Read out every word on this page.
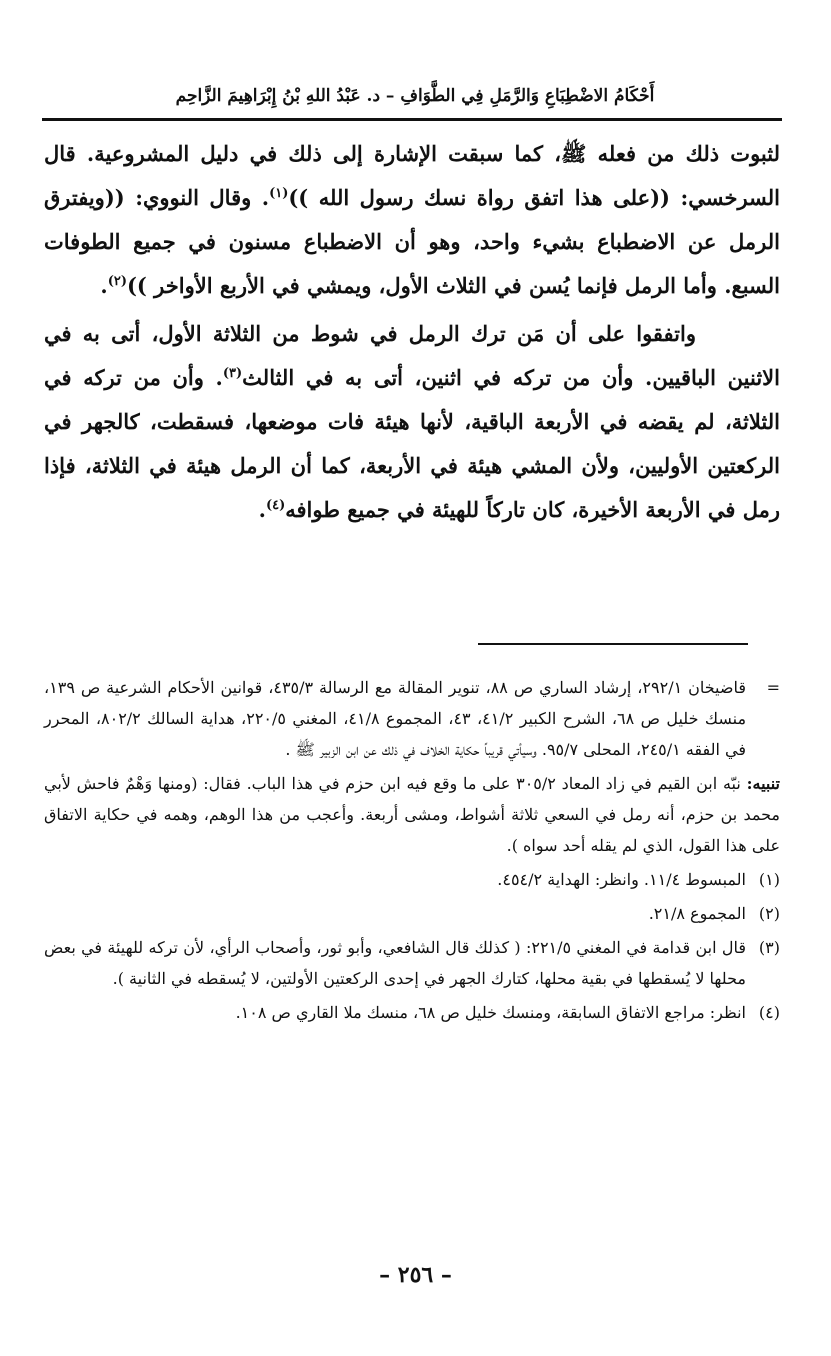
أَحْكَامُ الاضْطِبَاعِ وَالرَّمَلِ فِي الطَّوَافِ – د. عَبْدُ اللهِ بْنُ إِبْرَاهِيمَ الزَّاحِم

لثبوت ذلك من فعله ﷺ، كما سبقت الإشارة إلى ذلك في دليل المشروعية. قال السرخسي: ((على هذا اتفق رواة نسك رسول الله ))$^{(١)}$. وقال النووي: ((ويفترق الرمل عن الاضطباع بشيء واحد، وهو أن الاضطباع مسنون في جميع الطوفات السبع. وأما الرمل فإنما يُسن في الثلاث الأول، ويمشي في الأربع الأواخر ))$^{(٢)}$.

واتفقوا على أن مَن ترك الرمل في شوط من الثلاثة الأول، أتى به في الاثنين الباقيين. وأن من تركه في اثنين، أتى به في الثالث$^{(٣)}$. وأن من تركه في الثلاثة، لم يقضه في الأربعة الباقية، لأنها هيئة فات موضعها، فسقطت، كالجهر في الركعتين الأوليين، ولأن المشي هيئة في الأربعة، كما أن الرمل هيئة في الثلاثة، فإذا رمل في الأربعة الأخيرة، كان تاركاً للهيئة في جميع طوافه$^{(٤)}$.

=
قاضيخان ٢٩٢/١، إرشاد الساري ص ٨٨، تنوير المقالة مع الرسالة ٤٣٥/٣، قوانين الأحكام الشرعية ص ١٣٩، منسك خليل ص ٦٨، الشرح الكبير ٤١/٢، ٤٣، المجموع ٤١/٨، المغني ٢٢٠/٥، هداية السالك ٨٠٢/٢، المحرر في الفقه ٢٤٥/١، المحلى ٩٥/٧. وسيأتي قريباً حكاية الخلاف في ذلك عن ابن الزبير ﷺ .
تنبيه: نبّه ابن القيم في زاد المعاد ٣٠٥/٢ على ما وقع فيه ابن حزم في هذا الباب. فقال: (ومنها وَهْمٌ فاحش لأبي محمد بن حزم، أنه رمل في السعي ثلاثة أشواط، ومشى أربعة. وأعجب من هذا الوهم، وهمه في حكاية الاتفاق على هذا القول، الذي لم يقله أحد سواه ).
(١)
المبسوط ١١/٤. وانظر: الهداية ٤٥٤/٢.
(٢)
المجموع ٢١/٨.
(٣)
قال ابن قدامة في المغني ٢٢١/٥: ( كذلك قال الشافعي، وأبو ثور، وأصحاب الرأي، لأن تركه للهيئة في بعض محلها لا يُسقطها في بقية محلها، كتارك الجهر في إحدى الركعتين الأولتين، لا يُسقطه في الثانية ).
(٤)
انظر: مراجع الاتفاق السابقة، ومنسك خليل ص ٦٨، منسك ملا القاري ص ١٠٨.
– ٢٥٦ –
